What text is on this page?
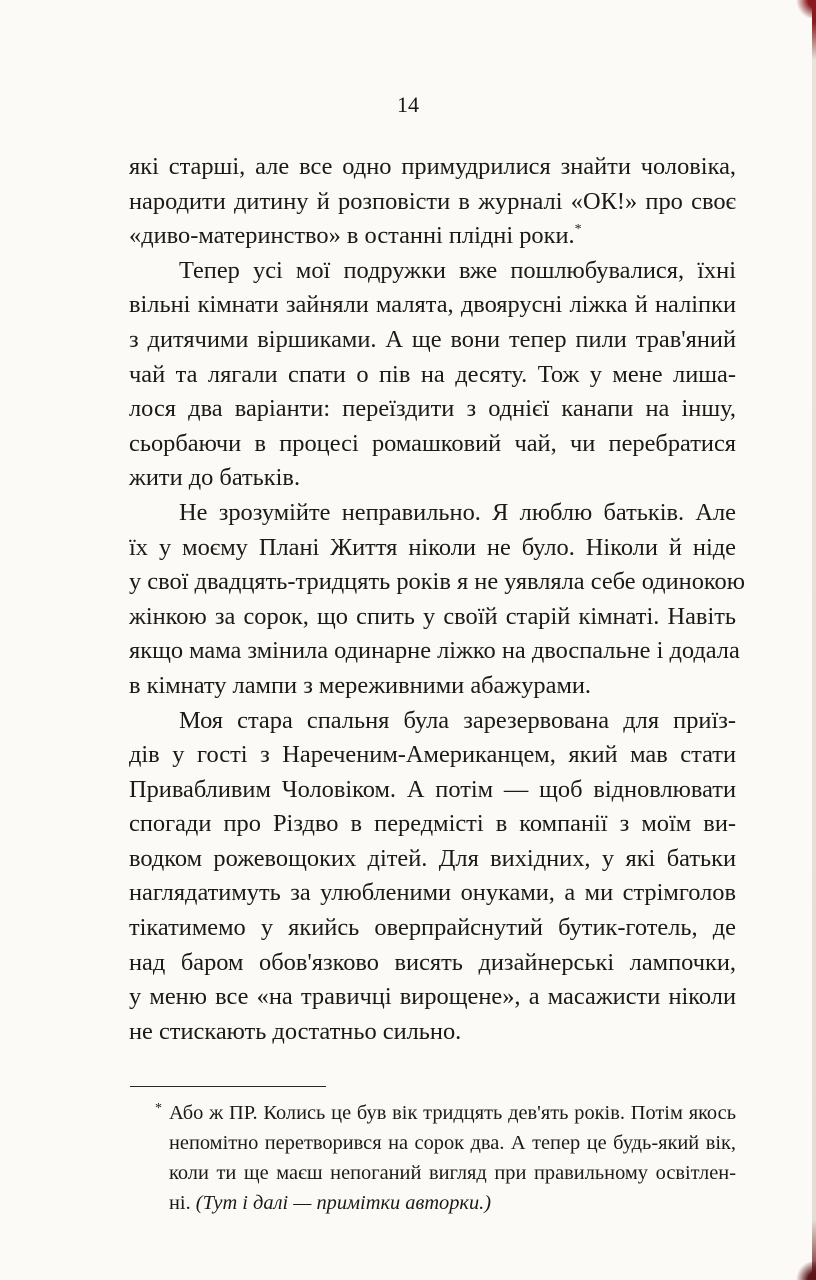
14
які старші, але все одно примудрилися знайти чоловіка,
народити дитину й розповісти в журналі «ОК!» про своє
«диво-материнство» в останні плідні роки.*
Тепер усі мої подружки вже пошлюбувалися, їхні
вільні кімнати зайняли малята, двоярусні ліжка й наліпки
з дитячими віршиками. А ще вони тепер пили трав'яний
чай та лягали спати о пів на десяту. Тож у мене лиша-
лося два варіанти: переїздити з однієї канапи на іншу,
сьорбаючи в процесі ромашковий чай, чи перебратися
жити до батьків.
Не зрозумійте неправильно. Я люблю батьків. Але
їх у моєму Плані Життя ніколи не було. Ніколи й ніде
у свої двадцять-тридцять років я не уявляла себе одинокою
жінкою за сорок, що спить у своїй старій кімнаті. Навіть
якщо мама змінила одинарне ліжко на двоспальне і додала
в кімнату лампи з мереживними абажурами.
Моя стара спальня була зарезервована для приїз-
дів у гості з Нареченим-Американцем, який мав стати
Привабливим Чоловіком. А потім — щоб відновлювати
спогади про Різдво в передмісті в компанії з моїм ви-
водком рожевощоких дітей. Для вихідних, у які батьки
наглядатимуть за улюбленими онуками, а ми стрімголов
тікатимемо у якийсь оверпрайснутий бутик-готель, де
над баром обов'язково висять дизайнерські лампочки,
у меню все «на травичці вирощене», а масажисти ніколи
не стискають достатньо сильно.
* Або ж ПР. Колись це був вік тридцять дев'ять років. Потім якось
непомітно перетворився на сорок два. А тепер це будь-який вік,
коли ти ще маєш непоганий вигляд при правильному освітлен-
ні. (Тут і далі — примітки авторки.)
